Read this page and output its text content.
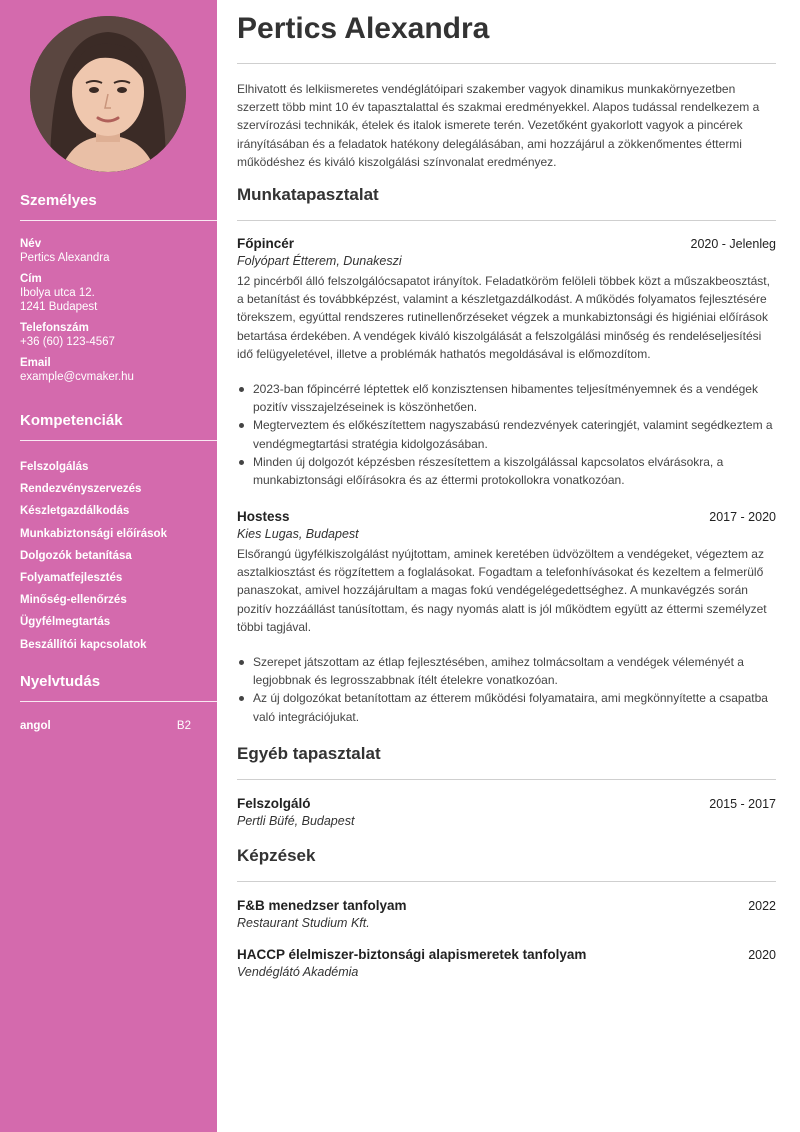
Személyes
Név
Pertics Alexandra
Cím
Ibolya utca 12.
1241 Budapest
Telefonszám
+36 (60) 123-4567
Email
example@cvmaker.hu
Kompetenciák
Felszolgálás
Rendezvényszervezés
Készletgazdálkodás
Munkabiztonsági előírások
Dolgozók betanítása
Folyamatfejlesztés
Minőség-ellenőrzés
Ügyfélmegtartás
Beszállítói kapcsolatok
Nyelvtudás
angol	B2
Pertics Alexandra
Elhivatott és lelkiismeretes vendéglátóipari szakember vagyok dinamikus munkakörnyezetben szerzett több mint 10 év tapasztalattal és szakmai eredményekkel. Alapos tudással rendelkezem a szervírozási technikák, ételek és italok ismerete terén. Vezetőként gyakorlott vagyok a pincérek irányításában és a feladatok hatékony delegálásában, ami hozzájárul a zökkenőmentes éttermi működéshez és kiváló kiszolgálási színvonalat eredményez.
Munkatapasztalat
Főpincér	2020 - Jelenleg
Folyópart Étterem, Dunakeszi
12 pincérből álló felszolgálócsapatot irányítok. Feladatköröm felöleli többek közt a műszakbeosztást, a betanítást és továbbképzést, valamint a készletgazdálkodást. A működés folyamatos fejlesztésére törekszem, egyúttal rendszeres rutinellenőrzéseket végzek a munkabiztonsági és higiéniai előírások betartása érdekében. A vendégek kiváló kiszolgálását a felszolgálási minőség és rendeléseljesítési idő felügyeletével, illetve a problémák hathatós megoldásával is előmozdítom.
2023-ban főpincérré léptettek elő konzisztensen hibamentes teljesítményemnek és a vendégek pozitív visszajelzéseinek is köszönhetően.
Megterveztem és előkészítettem nagyszabású rendezvények cateringjét, valamint segédkeztem a vendégmegtartási stratégia kidolgozásában.
Minden új dolgozót képzésben részesítettem a kiszolgálással kapcsolatos elvárásokra, a munkabiztonsági előírásokra és az éttermi protokollokra vonatkozóan.
Hostess	2017 - 2020
Kies Lugas, Budapest
Elsőrangú ügyfélkiszolgálást nyújtottam, aminek keretében üdvözöltem a vendégeket, végeztem az asztalkiosztást és rögzítettem a foglalásokat. Fogadtam a telefonhívásokat és kezeltem a felmerülő panaszokat, amivel hozzájárultam a magas fokú vendégelégedettséghez. A munkavégzés során pozitív hozzáállást tanúsítottam, és nagy nyomás alatt is jól működtem együtt az éttermi személyzet többi tagjával.
Szerepet játszottam az étlap fejlesztésében, amihez tolmácsoltam a vendégek véleményét a legjobbnak és legrosszabbnak ítélt ételekre vonatkozóan.
Az új dolgozókat betanítottam az étterem működési folyamataira, ami megkönnyítette a csapatba való integrációjukat.
Egyéb tapasztalat
Felszolgáló	2015 - 2017
Pertli Büfé, Budapest
Képzések
F&B menedzser tanfolyam	2022
Restaurant Studium Kft.
HACCP élelmiszer-biztonsági alapismeretek tanfolyam	2020
Vendéglátó Akadémia
